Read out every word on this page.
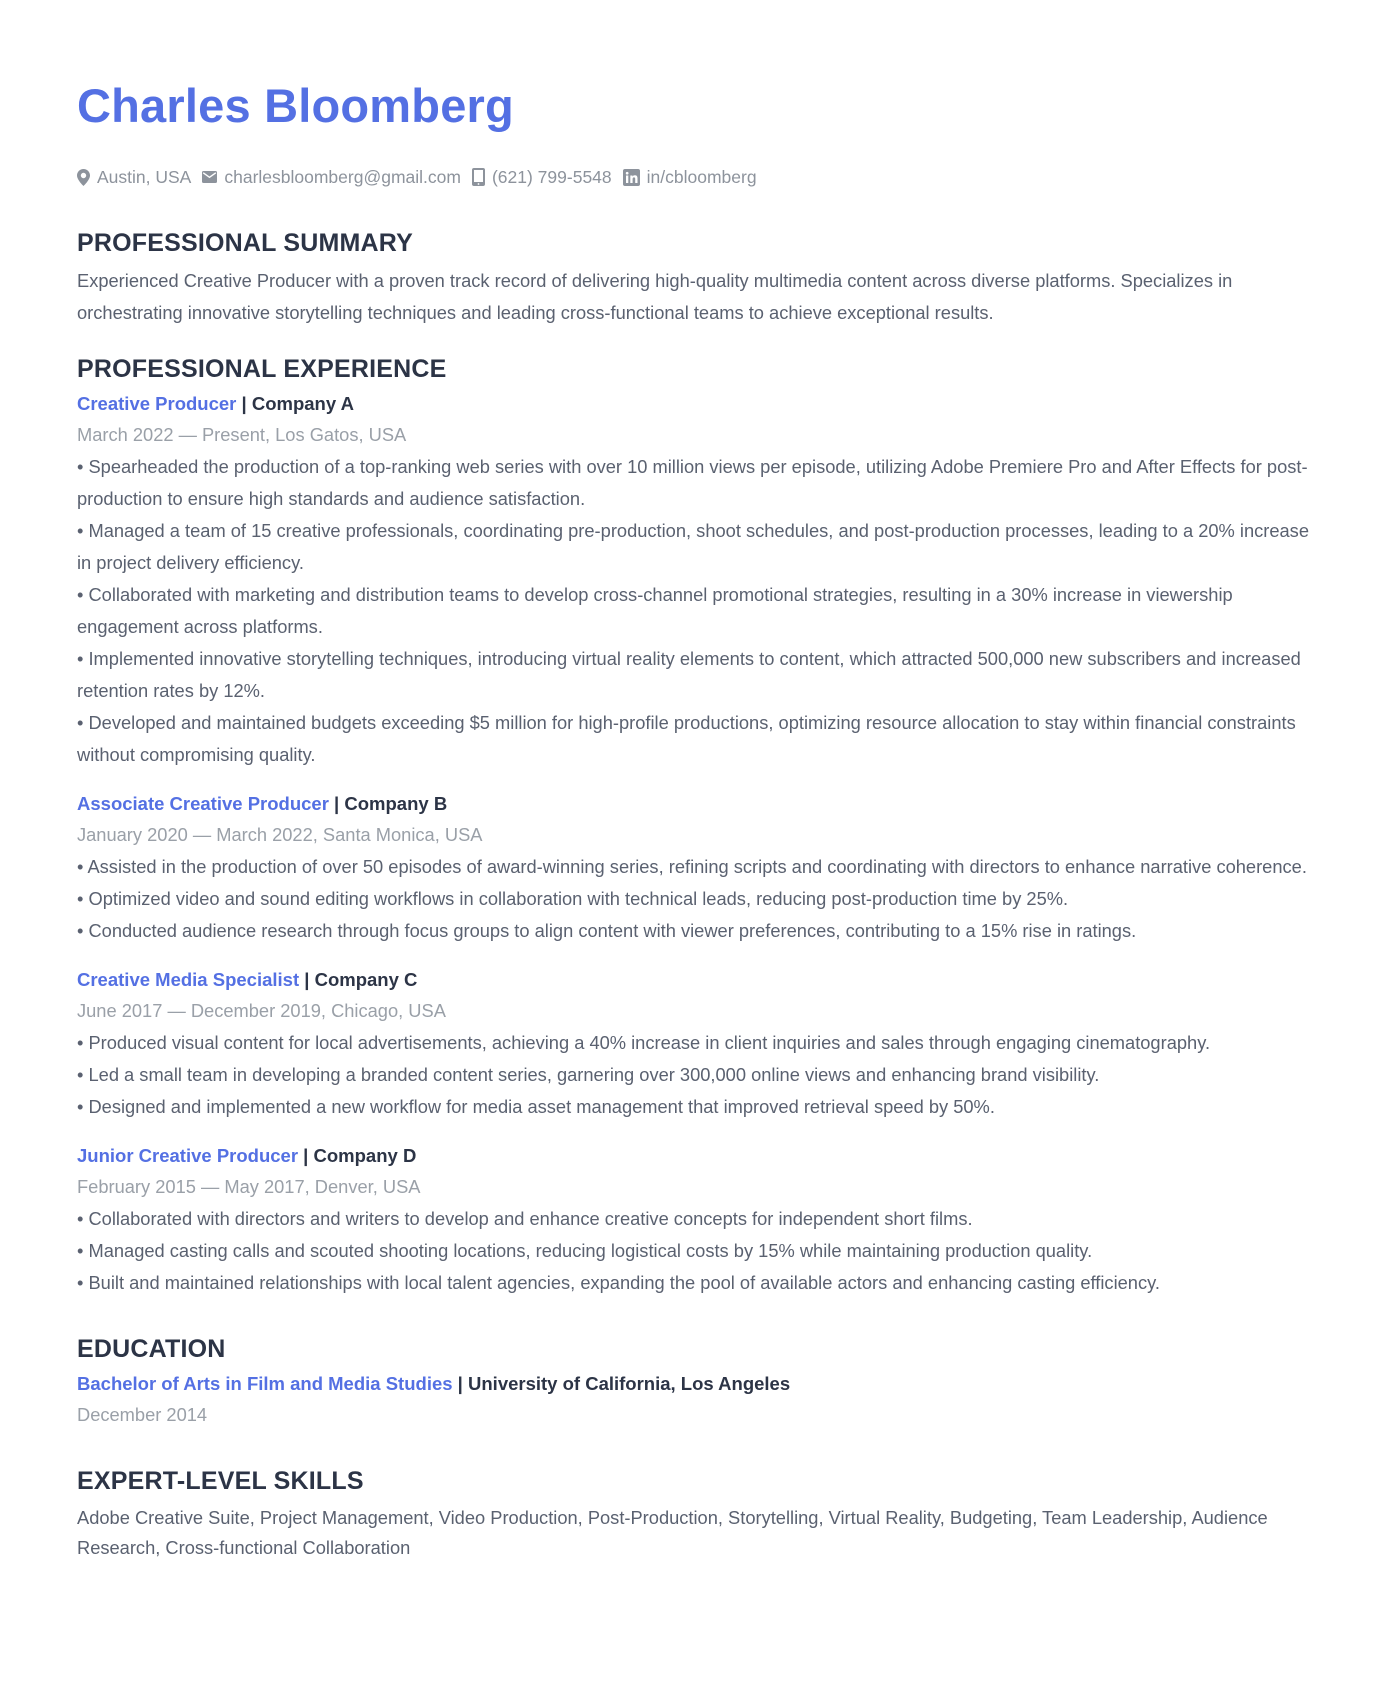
Charles Bloomberg
Austin, USA charlesbloomberg@gmail.com (621) 799-5548 in/cbloomberg
PROFESSIONAL SUMMARY
Experienced Creative Producer with a proven track record of delivering high-quality multimedia content across diverse platforms. Specializes in orchestrating innovative storytelling techniques and leading cross-functional teams to achieve exceptional results.
PROFESSIONAL EXPERIENCE
Creative Producer | Company A
March 2022 — Present, Los Gatos, USA
• Spearheaded the production of a top-ranking web series with over 10 million views per episode, utilizing Adobe Premiere Pro and After Effects for post-production to ensure high standards and audience satisfaction.
• Managed a team of 15 creative professionals, coordinating pre-production, shoot schedules, and post-production processes, leading to a 20% increase in project delivery efficiency.
• Collaborated with marketing and distribution teams to develop cross-channel promotional strategies, resulting in a 30% increase in viewership engagement across platforms.
• Implemented innovative storytelling techniques, introducing virtual reality elements to content, which attracted 500,000 new subscribers and increased retention rates by 12%.
• Developed and maintained budgets exceeding $5 million for high-profile productions, optimizing resource allocation to stay within financial constraints without compromising quality.
Associate Creative Producer | Company B
January 2020 — March 2022, Santa Monica, USA
• Assisted in the production of over 50 episodes of award-winning series, refining scripts and coordinating with directors to enhance narrative coherence.
• Optimized video and sound editing workflows in collaboration with technical leads, reducing post-production time by 25%.
• Conducted audience research through focus groups to align content with viewer preferences, contributing to a 15% rise in ratings.
Creative Media Specialist | Company C
June 2017 — December 2019, Chicago, USA
• Produced visual content for local advertisements, achieving a 40% increase in client inquiries and sales through engaging cinematography.
• Led a small team in developing a branded content series, garnering over 300,000 online views and enhancing brand visibility.
• Designed and implemented a new workflow for media asset management that improved retrieval speed by 50%.
Junior Creative Producer | Company D
February 2015 — May 2017, Denver, USA
• Collaborated with directors and writers to develop and enhance creative concepts for independent short films.
• Managed casting calls and scouted shooting locations, reducing logistical costs by 15% while maintaining production quality.
• Built and maintained relationships with local talent agencies, expanding the pool of available actors and enhancing casting efficiency.
EDUCATION
Bachelor of Arts in Film and Media Studies | University of California, Los Angeles
December 2014
EXPERT-LEVEL SKILLS
Adobe Creative Suite, Project Management, Video Production, Post-Production, Storytelling, Virtual Reality, Budgeting, Team Leadership, Audience Research, Cross-functional Collaboration
